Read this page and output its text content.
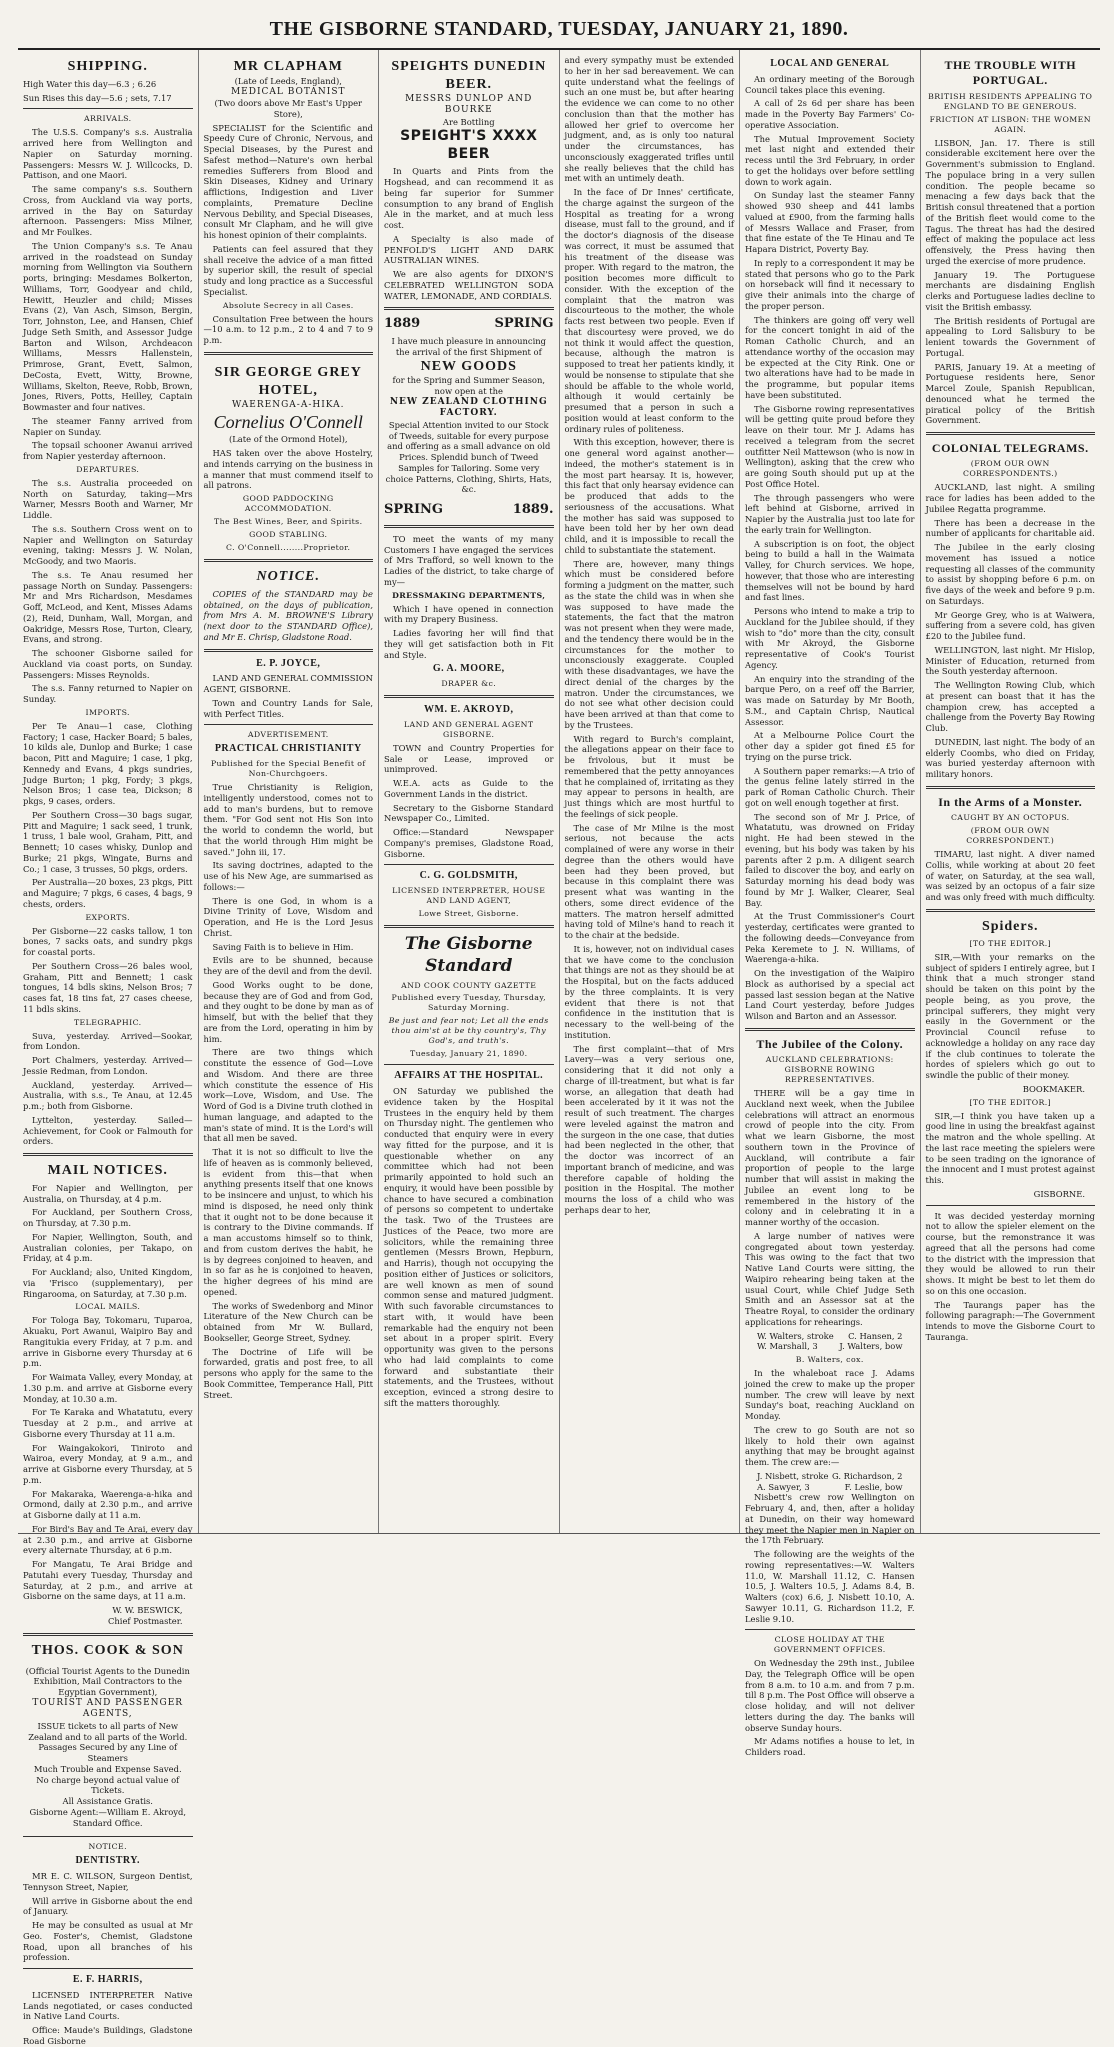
THE GISBORNE STANDARD, TUESDAY, JANUARY 21, 1890.
SHIPPING.

High Water this day—6.3 ; 6.26

Sun Rises this day—5.6 ; sets, 7.17

ARRIVALS.

The U.S.S. Company's s.s. Australia arrived here from Wellington and Napier on Saturday morning. Passengers: Messrs W. J. Willcocks, D. Pattison, and one Maori.

The same company's s.s. Southern Cross, from Auckland via way ports, arrived in the Bay on Saturday afternoon. Passengers: Miss Milner, and Mr Foulkes.

The Union Company's s.s. Te Anau arrived in the roadstead on Sunday morning from Wellington via Southern ports, bringing: Mesdames Bolkerton, Williams, Torr, Goodyear and child, Hewitt, Heuzler and child; Misses Evans (2), Van Asch, Simson, Bergin, Torr, Johnston, Lee, and Hansen, Chief Judge Seth Smith, and Assessor Judge Barton and Wilson, Archdeacon Williams, Messrs Hallenstein, Primrose, Grant, Evett, Salmon, DeCosta, Evett, Witty, Browne, Williams, Skelton, Reeve, Robb, Brown, Jones, Rivers, Potts, Heilley, Captain Bowmaster and four natives.

The steamer Fanny arrived from Napier on Sunday.

The topsail schooner Awanui arrived from Napier yesterday afternoon.

DEPARTURES.

The s.s. Australia proceeded on North on Saturday, taking—Mrs Warner, Messrs Booth and Warner, Mr Liddle.

The s.s. Southern Cross went on to Napier and Wellington on Saturday evening, taking: Messrs J. W. Nolan, McGoody, and two Maoris.

The s.s. Te Anau resumed her passage North on Sunday. Passengers: Mr and Mrs Richardson, Mesdames Goff, McLeod, and Kent, Misses Adams (2), Reid, Dunham, Wall, Morgan, and Oakridge, Messrs Rose, Turton, Cleary, Evans, and strong.

The schooner Gisborne sailed for Auckland via coast ports, on Sunday. Passengers: Misses Reynolds.

The s.s. Fanny returned to Napier on Sunday.

IMPORTS.

Per Te Anau—1 case, Clothing Factory; 1 case, Hacker Board; 5 bales, 10 kilds ale, Dunlop and Burke; 1 case bacon, Pitt and Maguire; 1 case, 1 pkg, Kennedy and Evans, 4 pkgs sundries, Judge Burton; 1 pkg, Fordy; 3 pkgs, Nelson Bros; 1 case tea, Dickson; 8 pkgs, 9 cases, orders.

Per Southern Cross—30 bags sugar, Pitt and Maguire; 1 sack seed, 1 trunk, 1 truss, 1 bale wool, Graham, Pitt, and Bennett; 10 cases whisky, Dunlop and Burke; 21 pkgs, Wingate, Burns and Co.; 1 case, 3 trusses, 50 pkgs, orders.

Per Australia—20 boxes, 23 pkgs, Pitt and Maguire; 7 pkgs, 6 cases, 4 bags, 9 chests, orders.

EXPORTS.

Per Gisborne—22 casks tallow, 1 ton bones, 7 sacks oats, and sundry pkgs for coastal ports.

Per Southern Cross—26 bales wool, Graham, Pitt and Bennett; 1 cask tongues, 14 bdls skins, Nelson Bros; 7 cases fat, 18 tins fat, 27 cases cheese, 11 bdls skins.

TELEGRAPHIC.

Suva, yesterday. Arrived—Sookar, from London.

Port Chalmers, yesterday. Arrived—Jessie Redman, from London.

Auckland, yesterday. Arrived—Australia, with s.s., Te Anau, at 12.45 p.m.; both from Gisborne.

Lyttelton, yesterday. Sailed—Achievement, for Cook or Falmouth for orders.

MAIL NOTICES.

For Napier and Wellington, per Australia, on Thursday, at 4 p.m.

For Auckland, per Southern Cross, on Thursday, at 7.30 p.m.

For Napier, Wellington, South, and Australian colonies, per Takapo, on Friday, at 4 p.m.

For Auckland; also, United Kingdom, via 'Frisco (supplementary), per Ringarooma, on Saturday, at 7.30 p.m.

LOCAL MAILS.

For Tologa Bay, Tokomaru, Tuparoa, Akuaku, Port Awanui, Waipiro Bay and Rangitukia every Friday, at 7 p.m. and arrive in Gisborne every Thursday at 6 p.m.

For Waimata Valley, every Monday, at 1.30 p.m. and arrive at Gisborne every Monday, at 10.30 a.m.

For Te Karaka and Whatatutu, every Tuesday at 2 p.m., and arrive at Gisborne every Thursday at 11 a.m.

For Waingakokori, Tiniroto and Wairoa, every Monday, at 9 a.m., and arrive at Gisborne every Thursday, at 5 p.m.

For Makaraka, Waerenga-a-hika and Ormond, daily at 2.30 p.m., and arrive at Gisborne daily at 11 a.m.

For Bird's Bay and Te Arai, every day at 2.30 p.m., and arrive at Gisborne every alternate Thursday, at 6 p.m.

For Mangatu, Te Arai Bridge and Patutahi every Tuesday, Thursday and Saturday, at 2 p.m., and arrive at Gisborne on the same days, at 11 a.m.

W. W. BESWICK,
Chief Postmaster.
THOS. COOK & SON
(Official Tourist Agents to the Dunedin Exhibition, Mail Contractors to the Egyptian Government),
TOURIST AND PASSENGER AGENTS,
ISSUE tickets to all parts of New Zealand and to all parts of the World.
Passages Secured by any Line of Steamers
Much Trouble and Expense Saved.
No charge beyond actual value of Tickets.
All Assistance Gratis.
Gisborne Agent:—William E. Akroyd, Standard Office.
NOTICE.
DENTISTRY.

MR E. C. WILSON, Surgeon Dentist, Tennyson Street, Napier,

Will arrive in Gisborne about the end of January.

He may be consulted as usual at Mr Geo. Foster's, Chemist, Gladstone Road, upon all branches of his profession.

E. F. HARRIS,

LICENSED INTERPRETER Native Lands negotiated, or cases conducted in Native Land Courts.

Office: Maude's Buildings, Gladstone Road Gisborne

MR CLAPHAM
(Late of Leeds, England),
MEDICAL BOTANIST
(Two doors above Mr East's Upper Store),

SPECIALIST for the Scientific and Speedy Cure of Chronic, Nervous, and Special Diseases, by the Purest and Safest method—Nature's own herbal remedies Sufferers from Blood and Skin Diseases, Kidney and Urinary afflictions, Indigestion and Liver complaints, Premature Decline Nervous Debility, and Special Diseases, consult Mr Clapham, and he will give his honest opinion of their complaints.

Patients can feel assured that they shall receive the advice of a man fitted by superior skill, the result of special study and long practice as a Successful Specialist.

Absolute Secrecy in all Cases.

Consultation Free between the hours—10 a.m. to 12 p.m., 2 to 4 and 7 to 9 p.m.

SIR GEORGE GREY HOTEL,
WAERENGA-A-HIKA.
Cornelius O'Connell
(Late of the Ormond Hotel),

HAS taken over the above Hostelry, and intends carrying on the business in a manner that must commend itself to all patrons.

GOOD PADDOCKING ACCOMMODATION.
The Best Wines, Beer, and Spirits.
GOOD STABLING.
C. O'Connell........Proprietor.
NOTICE.

COPIES of the STANDARD may be obtained, on the days of publication, from Mrs A. M. BROWNE'S Library (next door to the STANDARD Office), and Mr E. Chrisp, Gladstone Road.

E. P. JOYCE,

LAND AND GENERAL COMMISSION AGENT, GISBORNE.

Town and Country Lands for Sale, with Perfect Titles.

ADVERTISEMENT.
PRACTICAL CHRISTIANITY
Published for the Special Benefit of Non-Churchgoers.

True Christianity is Religion, intelligently understood, comes not to add to man's burdens, but to remove them. "For God sent not His Son into the world to condemn the world, but that the world through Him might be saved." John iii, 17.

Its saving doctrines, adapted to the use of his New Age, are summarised as follows:—

There is one God, in whom is a Divine Trinity of Love, Wisdom and Operation, and He is the Lord Jesus Christ.

Saving Faith is to believe in Him.

Evils are to be shunned, because they are of the devil and from the devil.

Good Works ought to be done, because they are of God and from God, and they ought to be done by man as of himself, but with the belief that they are from the Lord, operating in him by him.

There are two things which constitute the essence of God—Love and Wisdom. And there are three which constitute the essence of His work—Love, Wisdom, and Use. The Word of God is a Divine truth clothed in human language, and adapted to the man's state of mind. It is the Lord's will that all men be saved.

That it is not so difficult to live the life of heaven as is commonly believed, is evident from this—that when anything presents itself that one knows to be insincere and unjust, to which his mind is disposed, he need only think that it ought not to be done because it is contrary to the Divine commands. If a man accustoms himself so to think, and from custom derives the habit, he is by degrees conjoined to heaven, and in so far as he is conjoined to heaven, the higher degrees of his mind are opened.

The works of Swedenborg and Minor Literature of the New Church can be obtained from Mr W. Bullard, Bookseller, George Street, Sydney.

The Doctrine of Life will be forwarded, gratis and post free, to all persons who apply for the same to the Book Committee, Temperance Hall, Pitt Street.

SPEIGHTS DUNEDIN BEER.
MESSRS DUNLOP AND BOURKE
Are Bottling
SPEIGHT'S XXXX BEER

In Quarts and Pints from the Hogshead, and can recommend it as being far superior for Summer consumption to any brand of English Ale in the market, and at much less cost.

A Specialty is also made of PENFOLD'S LIGHT AND DARK AUSTRALIAN WINES.

We are also agents for DIXON'S CELEBRATED WELLINGTON SODA WATER, LEMONADE, AND CORDIALS.

1889	SPRING
I have much pleasure in announcing the arrival of the first Shipment of
NEW GOODS
for the Spring and Summer Season, now open at the
NEW ZEALAND CLOTHING FACTORY.
Special Attention invited to our Stock of Tweeds, suitable for every purpose and offering as a small advance on old Prices. Splendid bunch of Tweed Samples for Tailoring. Some very choice Patterns, Clothing, Shirts, Hats, &c.
SPRING	1889.

TO meet the wants of my many Customers I have engaged the services of Mrs Trafford, so well known to the Ladies of the district, to take charge of my—

DRESSMAKING DEPARTMENTS,

Which I have opened in connection with my Drapery Business.

Ladies favoring her will find that they will get satisfaction both in Fit and Style.

G. A. MOORE,
DRAPER &c.
WM. E. AKROYD,
LAND AND GENERAL AGENT GISBORNE.

TOWN and Country Properties for Sale or Lease, improved or unimproved.

W.E.A. acts as Guide to the Government Lands in the district.

Secretary to the Gisborne Standard Newspaper Co., Limited.

Office:—Standard Newspaper Company's premises, Gladstone Road, Gisborne.

C. G. GOLDSMITH,
LICENSED INTERPRETER, HOUSE AND LAND AGENT,
Lowe Street, Gisborne.
The Gisborne Standard
AND COOK COUNTY GAZETTE
Published every Tuesday, Thursday, Saturday Morning.
Be just and fear not; Let all the ends thou aim'st at be thy country's, Thy God's, and truth's.
Tuesday, January 21, 1890.
AFFAIRS AT THE HOSPITAL.

ON Saturday we published the evidence taken by the Hospital Trustees in the enquiry held by them on Thursday night. The gentlemen who conducted that enquiry were in every way fitted for the purpose, and it is questionable whether on any committee which had not been primarily appointed to hold such an enquiry, it would have been possible by chance to have secured a combination of persons so competent to undertake the task. Two of the Trustees are Justices of the Peace, two more are solicitors, while the remaining three gentlemen (Messrs Brown, Hepburn, and Harris), though not occupying the position either of Justices or solicitors, are well known as men of sound common sense and matured judgment. With such favorable circumstances to start with, it would have been remarkable had the enquiry not been set about in a proper spirit. Every opportunity was given to the persons who had laid complaints to come forward and substantiate their statements, and the Trustees, without exception, evinced a strong desire to sift the matters thoroughly.

and every sympathy must be extended to her in her sad bereavement. We can quite understand what the feelings of such an one must be, but after hearing the evidence we can come to no other conclusion than that the mother has allowed her grief to overcome her judgment, and, as is only too natural under the circumstances, has unconsciously exaggerated trifles until she really believes that the child has met with an untimely death.

In the face of Dr Innes' certificate, the charge against the surgeon of the Hospital as treating for a wrong disease, must fall to the ground, and if the doctor's diagnosis of the disease was correct, it must be assumed that his treatment of the disease was proper. With regard to the matron, the position becomes more difficult to consider. With the exception of the complaint that the matron was discourteous to the mother, the whole facts rest between two people. Even if that discourtesy were proved, we do not think it would affect the question, because, although the matron is supposed to treat her patients kindly, it would be nonsense to stipulate that she should be affable to the whole world, although it would certainly be presumed that a person in such a position would at least conform to the ordinary rules of politeness.

With this exception, however, there is one general word against another—indeed, the mother's statement is in the most part hearsay. It is, however, this fact that only hearsay evidence can be produced that adds to the seriousness of the accusations. What the mother has said was supposed to have been told her by her own dead child, and it is impossible to recall the child to substantiate the statement.

There are, however, many things which must be considered before forming a judgment on the matter, such as the state the child was in when she was supposed to have made the statements, the fact that the matron was not present when they were made, and the tendency there would be in the circumstances for the mother to unconsciously exaggerate. Coupled with these disadvantages, we have the direct denial of the charges by the matron. Under the circumstances, we do not see what other decision could have been arrived at than that come to by the Trustees.

With regard to Burch's complaint, the allegations appear on their face to be frivolous, but it must be remembered that the petty annoyances that he complained of, irritating as they may appear to persons in health, are just things which are most hurtful to the feelings of sick people.

The case of Mr Milne is the most serious, not because the acts complained of were any worse in their degree than the others would have been had they been proved, but because in this complaint there was present what was wanting in the others, some direct evidence of the matters. The matron herself admitted having told of Milne's hand to reach it to the chair at the bedside.

It is, however, not on individual cases that we have come to the conclusion that things are not as they should be at the Hospital, but on the facts adduced by the three complaints. It is very evident that there is not that confidence in the institution that is necessary to the well-being of the institution.

The first complaint—that of Mrs Lavery—was a very serious one, considering that it did not only a charge of ill-treatment, but what is far worse, an allegation that death had been accelerated by it it was not the result of such treatment. The charges were leveled against the matron and the surgeon in the one case, that duties had been neglected in the other, that the doctor was incorrect of an important branch of medicine, and was therefore capable of holding the position in the Hospital. The mother mourns the loss of a child who was perhaps dear to her,

LOCAL AND GENERAL

An ordinary meeting of the Borough Council takes place this evening.

A call of 2s 6d per share has been made in the Poverty Bay Farmers' Co-operative Association.

The Mutual Improvement Society met last night and extended their recess until the 3rd February, in order to get the holidays over before settling down to work again.

On Sunday last the steamer Fanny showed 930 sheep and 441 lambs valued at £900, from the farming halls of Messrs Wallace and Fraser, from that fine estate of the Te Hinau and Te Hapara District, Poverty Bay.

In reply to a correspondent it may be stated that persons who go to the Park on horseback will find it necessary to give their animals into the charge of the proper person.

The thinkers are going off very well for the concert tonight in aid of the Roman Catholic Church, and an attendance worthy of the occasion may be expected at the City Rink. One or two alterations have had to be made in the programme, but popular items have been substituted.

The Gisborne rowing representatives will be getting quite proud before they leave on their tour. Mr J. Adams has received a telegram from the secret outfitter Neil Mattewson (who is now in Wellington), asking that the crew who are going South should put up at the Post Office Hotel.

The through passengers who were left behind at Gisborne, arrived in Napier by the Australia just too late for the early train for Wellington.

A subscription is on foot, the object being to build a hall in the Waimata Valley, for Church services. We hope, however, that those who are interesting themselves will not be bound by hard and fast lines.

Persons who intend to make a trip to Auckland for the Jubilee should, if they wish to "do" more than the city, consult with Mr Akroyd, the Gisborne representative of Cook's Tourist Agency.

An enquiry into the stranding of the barque Pero, on a reef off the Barrier, was made on Saturday by Mr Booth, S.M., and Captain Chrisp, Nautical Assessor.

At a Melbourne Police Court the other day a spider got fined £5 for trying on the purse trick.

A Southern paper remarks:—A trio of the genus feline lately stirred in the park of Roman Catholic Church. Their got on well enough together at first.

The second son of Mr J. Price, of Whatatutu, was drowned on Friday night. He had been stewed in the evening, but his body was taken by his parents after 2 p.m. A diligent search failed to discover the boy, and early on Saturday morning his dead body was found by Mr J. Walker, Clearer, Seal Bay.

At the Trust Commissioner's Court yesterday, certificates were granted to the following deeds—Conveyance from Peka Keremete to J. N. Williams, of Waerenga-a-hika.

On the investigation of the Waipiro Block as authorised by a special act passed last session began at the Native Land Court yesterday, before Judges Wilson and Barton and an Assessor.

The Jubilee of the Colony.
AUCKLAND CELEBRATIONS: GISBORNE ROWING REPRESENTATIVES.

THERE will be a gay time in Auckland next week, when the Jubilee celebrations will attract an enormous crowd of people into the city. From what we learn Gisborne, the most southern town in the Province of Auckland, will contribute a fair proportion of people to the large number that will assist in making the Jubilee an event long to be remembered in the history of the colony and in celebrating it in a manner worthy of the occasion.

A large number of natives were congregated about town yesterday. This was owing to the fact that two Native Land Courts were sitting, the Waipiro rehearing being taken at the usual Court, while Chief Judge Seth Smith and an Assessor sat at the Theatre Royal, to consider the ordinary applications for rehearings.

W. Walters, stroke C. Hansen, 2
W. Marshall, 3	J. Walters, bow
B. Walters, cox.

In the whaleboat race J. Adams joined the crew to make up the proper number. The crew will leave by next Sunday's boat, reaching Auckland on Monday.

The crew to go South are not so likely to hold their own against anything that may be brought against them. The crew are:—

J. Nisbett, stroke G. Richardson, 2
A. Sawyer, 3	F. Leslie, bow

Nisbett's crew row Wellington on February 4, and, then, after a holiday at Dunedin, on their way homeward they meet the Napier men in Napier on the 17th February.

The following are the weights of the rowing representatives:—W. Walters 11.0, W. Marshall 11.12, C. Hansen 10.5, J. Walters 10.5, J. Adams 8.4, B. Walters (cox) 6.6, J. Nisbett 10.10, A. Sawyer 10.11, G. Richardson 11.2, F. Leslie 9.10.

CLOSE HOLIDAY AT THE GOVERNMENT OFFICES.

On Wednesday the 29th inst., Jubilee Day, the Telegraph Office will be open from 8 a.m. to 10 a.m. and from 7 p.m. till 8 p.m. The Post Office will observe a close holiday, and will not deliver letters during the day. The banks will observe Sunday hours.

Mr Adams notifies a house to let, in Childers road.

THE TROUBLE WITH PORTUGAL.
BRITISH RESIDENTS APPEALING TO ENGLAND TO BE GENEROUS.
FRICTION AT LISBON: THE WOMEN AGAIN.

LISBON, Jan. 17. There is still considerable excitement here over the Government's submission to England. The populace bring in a very sullen condition. The people became so menacing a few days back that the British consul threatened that a portion of the British fleet would come to the Tagus. The threat has had the desired effect of making the populace act less offensively, the Press having then urged the exercise of more prudence.

January 19. The Portuguese merchants are disdaining English clerks and Portuguese ladies decline to visit the British embassy.

The British residents of Portugal are appealing to Lord Salisbury to be lenient towards the Government of Portugal.

PARIS, January 19. At a meeting of Portuguese residents here, Senor Marcel Zoule, Spanish Republican, denounced what he termed the piratical policy of the British Government.

COLONIAL TELEGRAMS.
(FROM OUR OWN CORRESPONDENTS.)

AUCKLAND, last night. A smiling race for ladies has been added to the Jubilee Regatta programme.

There has been a decrease in the number of applicants for charitable aid.

The Jubilee in the early closing movement has issued a notice requesting all classes of the community to assist by shopping before 6 p.m. on five days of the week and before 9 p.m. on Saturdays.

Mr George Grey, who is at Waiwera, suffering from a severe cold, has given £20 to the Jubilee fund.

WELLINGTON, last night. Mr Hislop, Minister of Education, returned from the South yesterday afternoon.

The Wellington Rowing Club, which at present can boast that it has the champion crew, has accepted a challenge from the Poverty Bay Rowing Club.

DUNEDIN, last night. The body of an elderly Coombs, who died on Friday, was buried yesterday afternoon with military honors.

In the Arms of a Monster.
CAUGHT BY AN OCTOPUS.
(FROM OUR OWN CORRESPONDENT.)

TIMARU, last night. A diver named Collis, while working at about 20 feet of water, on Saturday, at the sea wall, was seized by an octopus of a fair size and was only freed with much difficulty.

Spiders.
[TO THE EDITOR.]

SIR,—With your remarks on the subject of spiders I entirely agree, but I think that a much stronger stand should be taken on this point by the people being, as you prove, the principal sufferers, they might very easily in the Government or the Provincial Council refuse to acknowledge a holiday on any race day if the club continues to tolerate the hordes of spielers which go out to swindle the public of their money.

BOOKMAKER.
[TO THE EDITOR.]

SIR,—I think you have taken up a good line in using the breakfast against the matron and the whole spelling. At the last race meeting the spielers were to be seen trading on the ignorance of the innocent and I must protest against this.

GISBORNE.

It was decided yesterday morning not to allow the spieler element on the course, but the remonstrance it was agreed that all the persons had come to the district with the impression that they would be allowed to run their shows. It might be best to let them do so on this one occasion.

The Taurangs paper has the following paragraph:—The Government intends to move the Gisborne Court to Tauranga.
